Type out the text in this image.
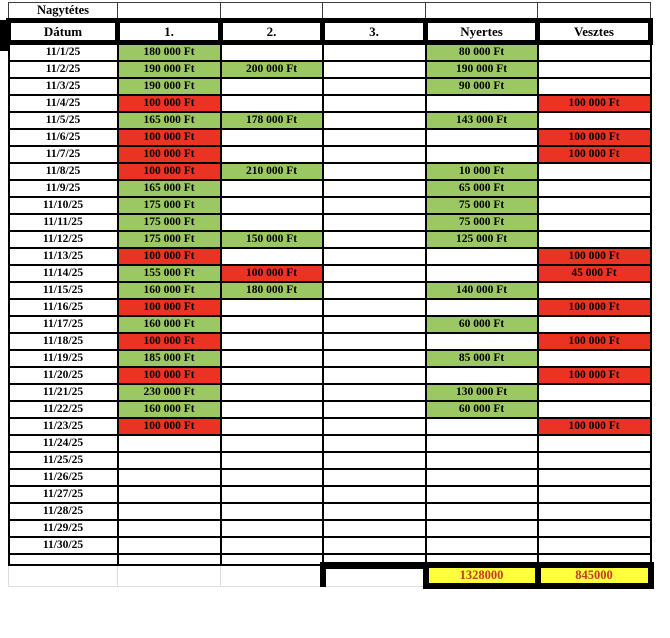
Nagytétes					
Dátum	1.	2.	3.	Nyertes	Vesztes
11/1/25	180 000 Ft			80 000 Ft	
11/2/25	190 000 Ft	200 000 Ft		190 000 Ft	
11/3/25	190 000 Ft			90 000 Ft	
11/4/25	100 000 Ft				100 000 Ft
11/5/25	165 000 Ft	178 000 Ft		143 000 Ft	
11/6/25	100 000 Ft				100 000 Ft
11/7/25	100 000 Ft				100 000 Ft
11/8/25	100 000 Ft	210 000 Ft		10 000 Ft	
11/9/25	165 000 Ft			65 000 Ft	
11/10/25	175 000 Ft			75 000 Ft	
11/11/25	175 000 Ft			75 000 Ft	
11/12/25	175 000 Ft	150 000 Ft		125 000 Ft	
11/13/25	100 000 Ft				100 000 Ft
11/14/25	155 000 Ft	100 000 Ft			45 000 Ft
11/15/25	160 000 Ft	180 000 Ft		140 000 Ft	
11/16/25	100 000 Ft				100 000 Ft
11/17/25	160 000 Ft			60 000 Ft	
11/18/25	100 000 Ft				100 000 Ft
11/19/25	185 000 Ft			85 000 Ft	
11/20/25	100 000 Ft				100 000 Ft
11/21/25	230 000 Ft			130 000 Ft	
11/22/25	160 000 Ft			60 000 Ft	
11/23/25	100 000 Ft				100 000 Ft
11/24/25					
11/25/25					
11/26/25					
11/27/25					
11/28/25					
11/29/25					
11/30/25					

				1328000	845000
